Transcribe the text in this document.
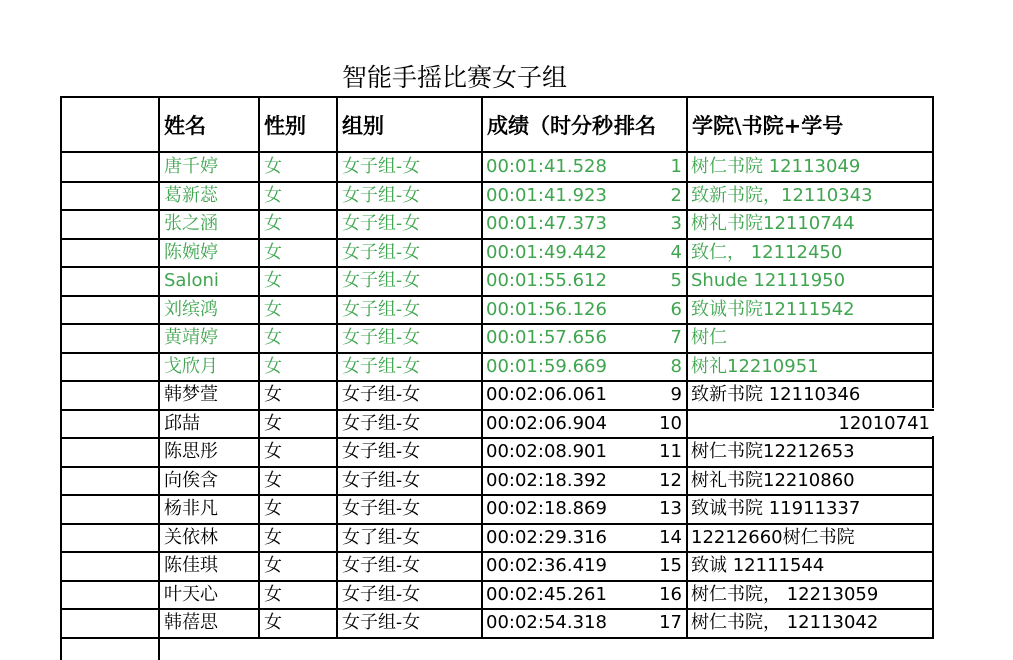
智能手摇比赛女子组
姓名	性别	组别	成绩（时分秒 排名	学院\书院+学号
唐千婷	女	女子组-女	00:01:41.528	1 树仁书院 12113049
葛新蕊	女	女子组-女	00:01:41.923	2 致新书院，12110343
张之涵	女	女子组-女	00:01:47.373	3 树礼书院12110744
陈婉婷	女	女子组-女	00:01:49.442	4 致仁， 12112450
Saloni	女	女子组-女	00:01:55.612	5 Shude 12111950
刘缤鸿	女	女子组-女	00:01:56.126	6 致诚书院12111542
黄靖婷	女	女子组-女	00:01:57.656	7 树仁
戈欣月	女	女子组-女	00:01:59.669	8 树礼12210951
韩梦萱	女	女子组-女	00:02:06.061	9 致新书院 12110346
邱喆	女	女子组-女	00:02:06.904	10	12010741
陈思彤	女	女子组-女	00:02:08.901	11 树仁书院12212653
向俟含	女	女子组-女	00:02:18.392	12 树礼书院12210860
杨非凡	女	女子组-女	00:02:18.869	13 致诚书院 11911337
关依林	女	女了组-女	00:02:29.316	14 12212660树仁书院
陈佳琪	女	女子组-女	00:02:36.419	15 致诚 12111544
叶天心	女	女子组-女	00:02:45.261	16 树仁书院， 12213059
韩蓓思	女	女子组-女	00:02:54.318	17 树仁书院， 12113042
